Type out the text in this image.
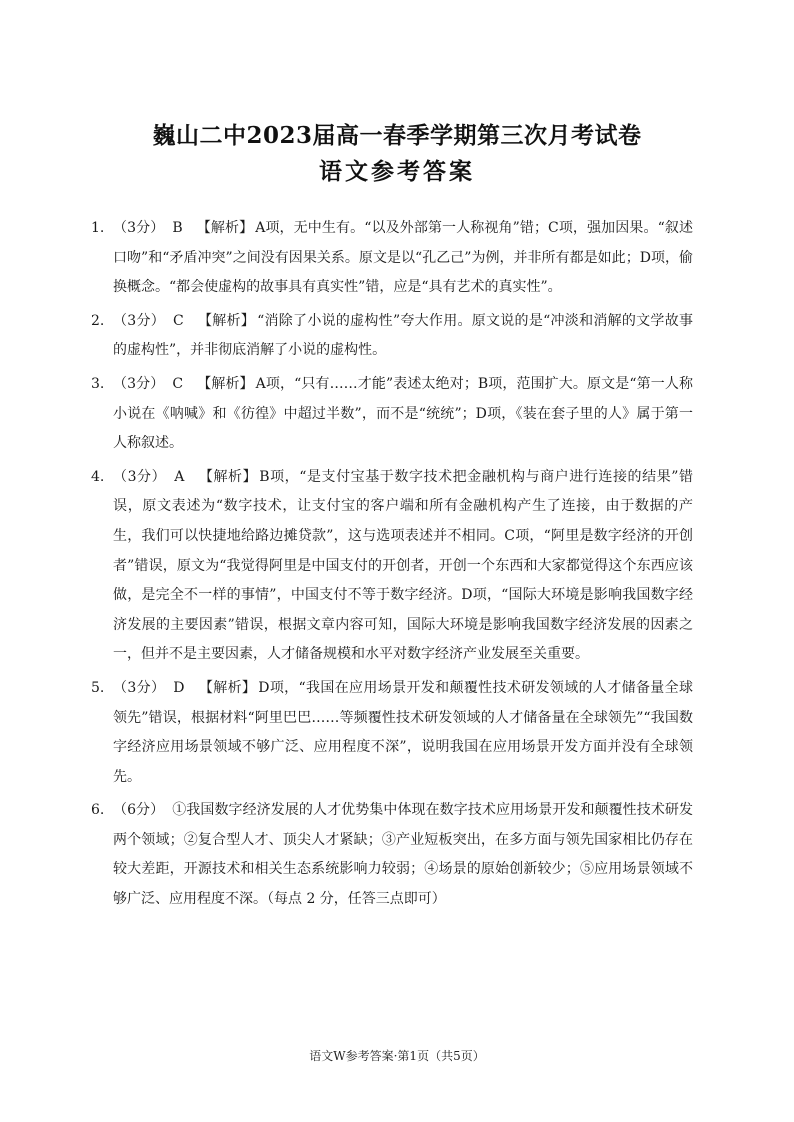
巍山二中2023届高一春季学期第三次月考试卷
语文参考答案
1. （3分） B 【解析】 A项，无中生有。“以及外部第一人称视角”错；C项，强加因果。“叙述口吻”和“矛盾冲突”之间没有因果关系。原文是以“孔乙己”为例，并非所有都是如此；D项，偷换概念。“都会使虚构的故事具有真实性”错，应是“具有艺术的真实性”。
2. （3分） C 【解析】 “消除了小说的虚构性”夸大作用。原文说的是“冲淡和消解的文学故事的虚构性”，并非彻底消解了小说的虚构性。
3. （3分） C 【解析】 A项，“只有……才能”表述太绝对；B项，范围扩大。原文是“第一人称小说在《呐喊》和《彷徨》中超过半数”，而不是“统统”；D项，《装在套子里的人》属于第一人称叙述。
4. （3分） A 【解析】 B项，“是支付宝基于数字技术把金融机构与商户进行连接的结果”错误，原文表述为“数字技术，让支付宝的客户端和所有金融机构产生了连接，由于数据的产生，我们可以快捷地给路边摊贷款”，这与选项表述并不相同。C项，“阿里是数字经济的开创者”错误，原文为“我觉得阿里是中国支付的开创者，开创一个东西和大家都觉得这个东西应该做，是完全不一样的事情”，中国支付不等于数字经济。D项，“国际大环境是影响我国数字经济发展的主要因素”错误，根据文章内容可知，国际大环境是影响我国数字经济发展的因素之一，但并不是主要因素，人才储备规模和水平对数字经济产业发展至关重要。
5. （3分） D 【解析】 D项，“我国在应用场景开发和颠覆性技术研发领域的人才储备量全球领先”错误，根据材料“阿里巴巴……等频覆性技术研发领域的人才储备量在全球领先”“我国数字经济应用场景领域不够广泛、应用程度不深”，说明我国在应用场景开发方面并没有全球领先。
6. （6分） ①我国数字经济发展的人才优势集中体现在数字技术应用场景开发和颠覆性技术研发两个领域；②复合型人才、顶尖人才紧缺；③产业短板突出，在多方面与领先国家相比仍存在较大差距，开源技术和相关生态系统影响力较弱；④场景的原始创新较少；⑤应用场景领域不够广泛、应用程度不深。（每点 2 分，任答三点即可）
语文W参考答案·第1页（共5页）
